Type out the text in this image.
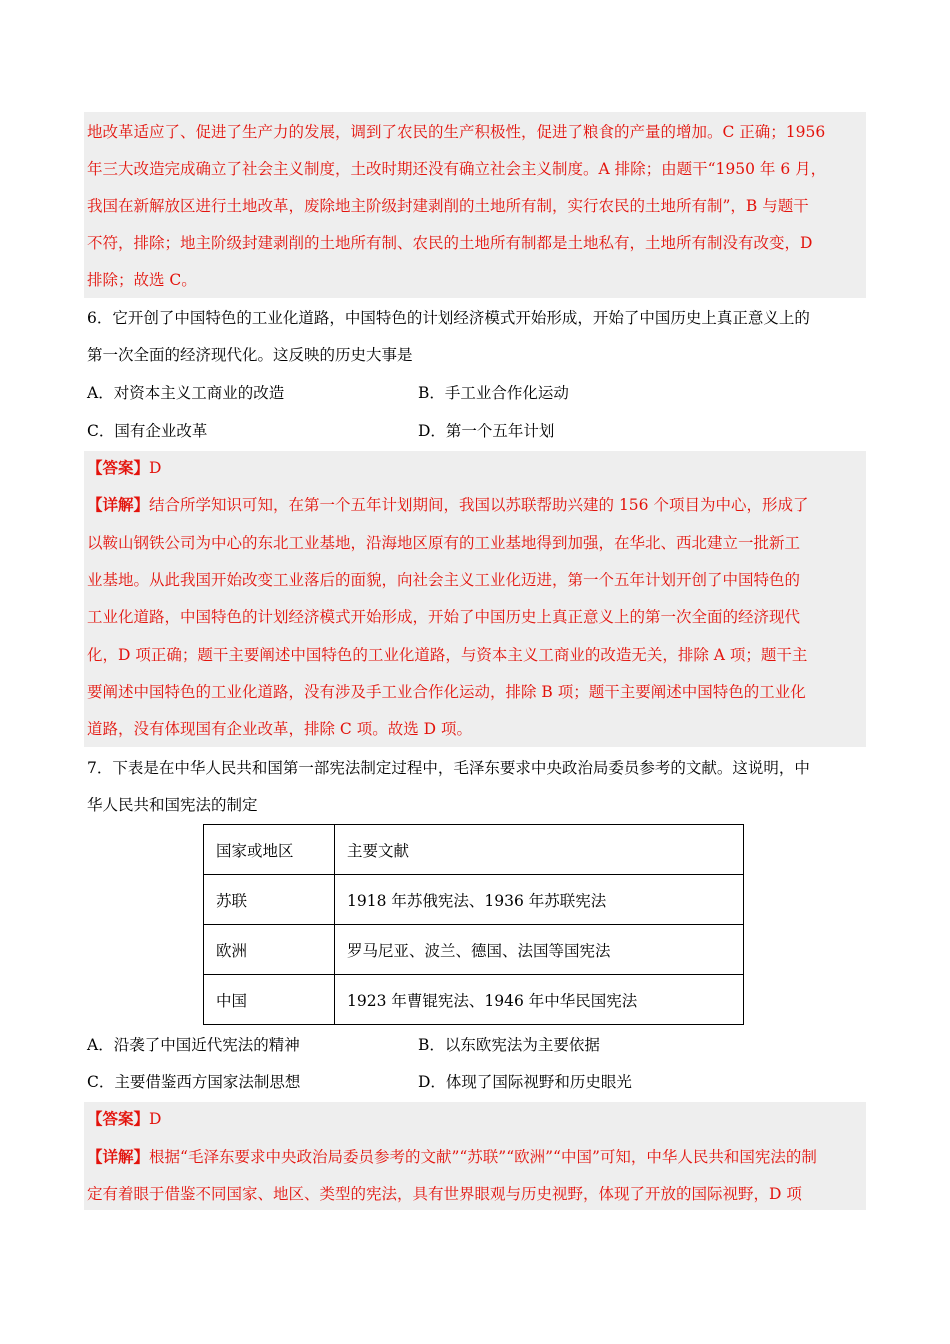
地改革适应了、促进了生产力的发展，调到了农民的生产积极性，促进了粮食的产量的增加。C 正确；1956
年三大改造完成确立了社会主义制度，土改时期还没有确立社会主义制度。A 排除；由题干“1950 年 6 月，
我国在新解放区进行土地改革，废除地主阶级封建剥削的土地所有制，实行农民的土地所有制”，B 与题干
不符，排除；地主阶级封建剥削的土地所有制、农民的土地所有制都是土地私有，土地所有制没有改变，D
排除；故选 C。
6．它开创了中国特色的工业化道路，中国特色的计划经济模式开始形成，开始了中国历史上真正意义上的
第一次全面的经济现代化。这反映的历史大事是
A．对资本主义工商业的改造	B．手工业合作化运动
C．国有企业改革	D．第一个五年计划
【答案】D
【详解】结合所学知识可知，在第一个五年计划期间，我国以苏联帮助兴建的 156 个项目为中心，形成了
以鞍山钢铁公司为中心的东北工业基地，沿海地区原有的工业基地得到加强，在华北、西北建立一批新工
业基地。从此我国开始改变工业落后的面貌，向社会主义工业化迈进，第一个五年计划开创了中国特色的
工业化道路，中国特色的计划经济模式开始形成，开始了中国历史上真正意义上的第一次全面的经济现代
化，D 项正确；题干主要阐述中国特色的工业化道路，与资本主义工商业的改造无关，排除 A 项；题干主
要阐述中国特色的工业化道路，没有涉及手工业合作化运动，排除 B 项；题干主要阐述中国特色的工业化
道路，没有体现国有企业改革，排除 C 项。故选 D 项。
7．下表是在中华人民共和国第一部宪法制定过程中，毛泽东要求中央政治局委员参考的文献。这说明，中
华人民共和国宪法的制定
国家或地区	主要文献
苏联	1918 年苏俄宪法、1936 年苏联宪法
欧洲	罗马尼亚、波兰、德国、法国等国宪法
中国	1923 年曹锟宪法、1946 年中华民国宪法
A．沿袭了中国近代宪法的精神	B．以东欧宪法为主要依据
C．主要借鉴西方国家法制思想	D．体现了国际视野和历史眼光
【答案】D
【详解】根据“毛泽东要求中央政治局委员参考的文献”“苏联”“欧洲”“中国”可知，中华人民共和国宪法的制
定有着眼于借鉴不同国家、地区、类型的宪法，具有世界眼观与历史视野，体现了开放的国际视野，D 项
